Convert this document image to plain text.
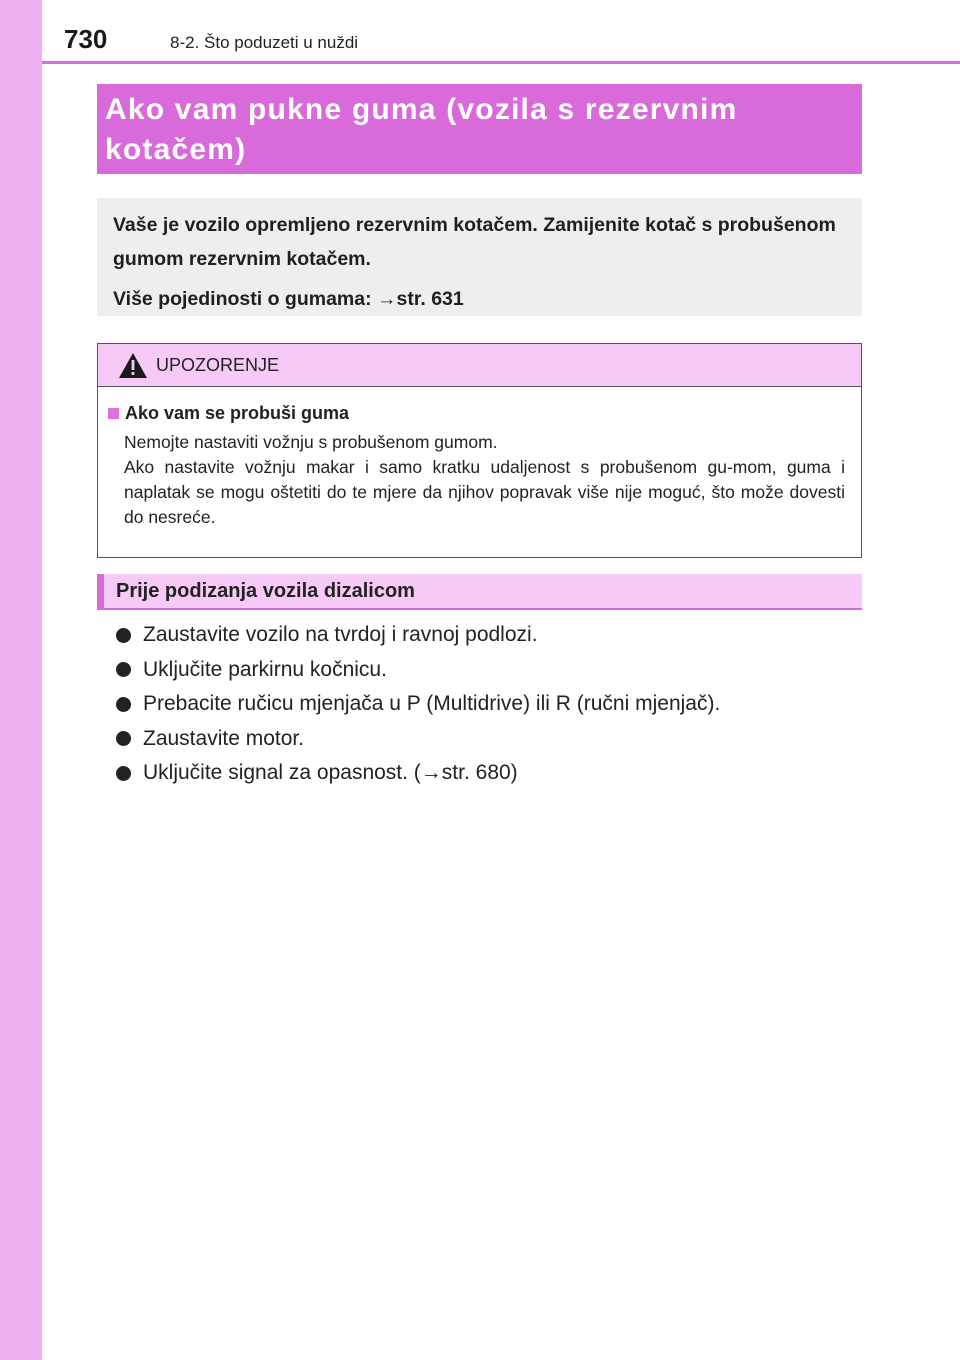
730	8-2. Što poduzeti u nuždi
Ako vam pukne guma (vozila s rezervnim kotačem)

Vaše je vozilo opremljeno rezervnim kotačem. Zamijenite kotač s probušenom gumom rezervnim kotačem.

Više pojedinosti o gumama: →str. 631

UPOZORENJE
Ako vam se probuši guma
Nemojte nastaviti vožnju s probušenom gumom.
Ako nastavite vožnju makar i samo kratku udaljenost s probušenom gu-mom, guma i naplatak se mogu oštetiti do te mjere da njihov popravak više nije moguć, što može dovesti do nesreće.
Prije podizanja vozila dizalicom
Zaustavite vozilo na tvrdoj i ravnoj podlozi.
Uključite parkirnu kočnicu.
Prebacite ručicu mjenjača u P (Multidrive) ili R (ručni mjenjač).
Zaustavite motor.
Uključite signal za opasnost. (→str. 680)
